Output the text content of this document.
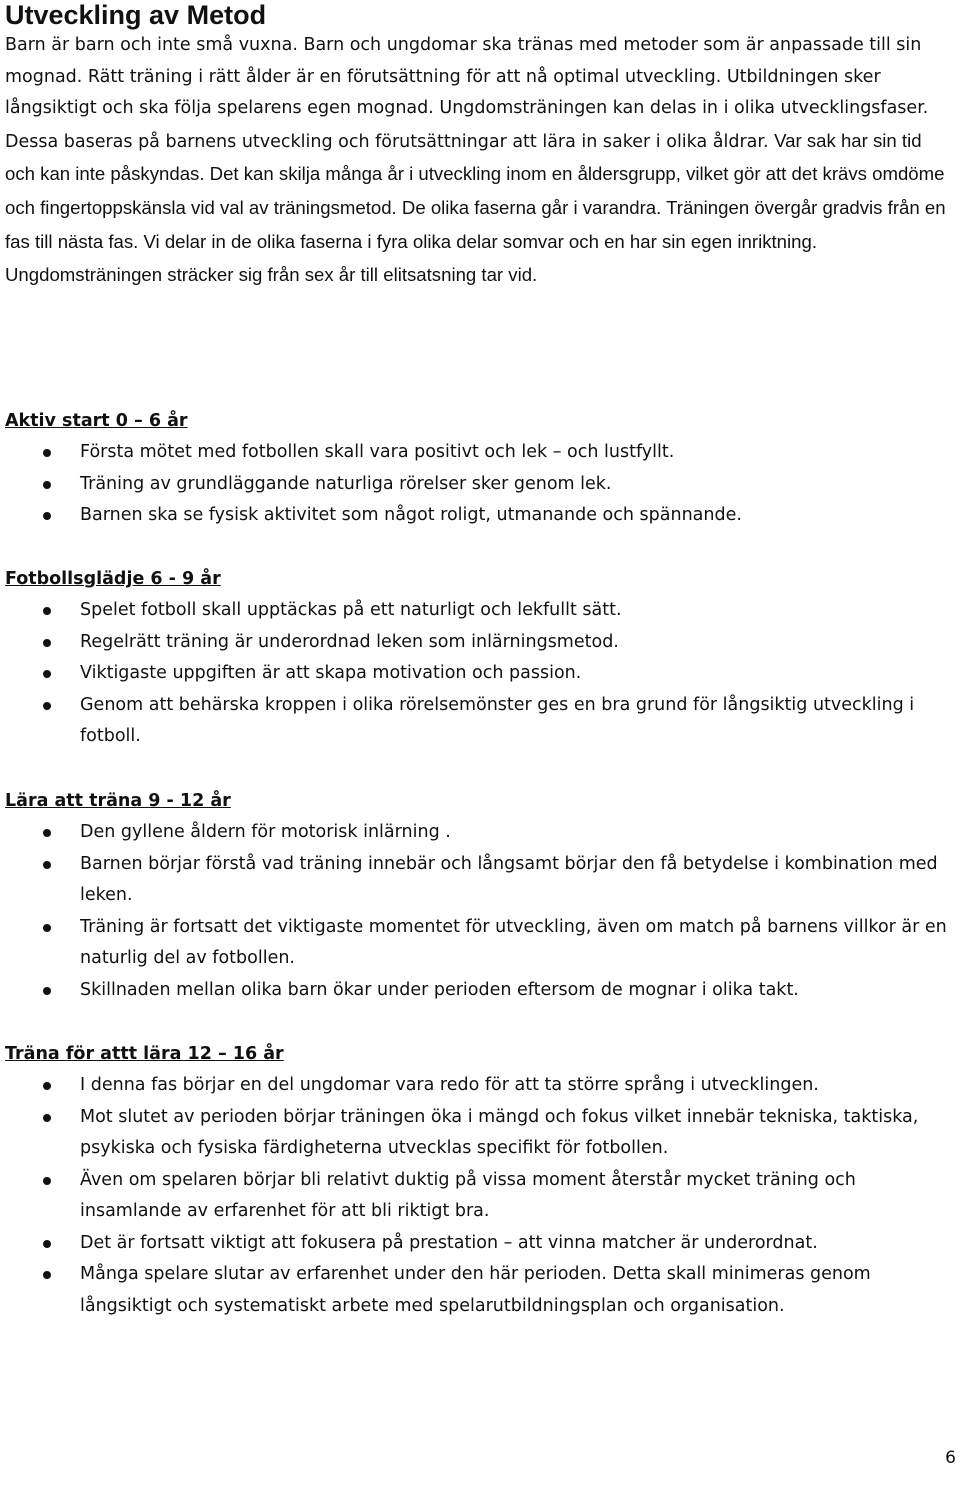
Utveckling av Metod

Barn är barn och inte små vuxna. Barn och ungdomar ska tränas med metoder som är anpassade till sin mognad. Rätt träning i rätt ålder är en förutsättning för att nå optimal utveckling. Utbildningen sker långsiktigt och ska följa spelarens egen mognad. Ungdomsträningen kan delas in i olika utvecklingsfaser. Dessa baseras på barnens utveckling och förutsättningar att lära in saker i olika åldrar. Var sak har sin tid och kan inte påskyndas. Det kan skilja många år i utveckling inom en åldersgrupp, vilket gör att det krävs omdöme och fingertoppskänsla vid val av träningsmetod. De olika faserna går i varandra. Träningen övergår gradvis från en fas till nästa fas. Vi delar in de olika faserna i fyra olika delar somvar och en har sin egen inriktning. Ungdomsträningen sträcker sig från sex år till elitsatsning tar vid.

Aktiv start 0 – 6 år

Första mötet med fotbollen skall vara positivt och lek – och lustfyllt.
Träning av grundläggande naturliga rörelser sker genom lek.
Barnen ska se fysisk aktivitet som något roligt, utmanande och spännande.

Fotbollsglädje 6 - 9 år

Spelet fotboll skall upptäckas på ett naturligt och lekfullt sätt.
Regelrätt träning är underordnad leken som inlärningsmetod.
Viktigaste uppgiften är att skapa motivation och passion.
Genom att behärska kroppen i olika rörelsemönster ges en bra grund för långsiktig utveckling i fotboll.

Lära att träna 9 - 12 år

Den gyllene åldern för motorisk inlärning .
Barnen börjar förstå vad träning innebär och långsamt börjar den få betydelse i kombination med leken.
Träning är fortsatt det viktigaste momentet för utveckling, även om match på barnens villkor är en naturlig del av fotbollen.
Skillnaden mellan olika barn ökar under perioden eftersom de mognar i olika takt.

Träna för attt lära 12 – 16 år

I denna fas börjar en del ungdomar vara redo för att ta större språng i utvecklingen.
Mot slutet av perioden börjar träningen öka i mängd och fokus vilket innebär tekniska, taktiska, psykiska och fysiska färdigheterna utvecklas specifikt för fotbollen.
Även om spelaren börjar bli relativt duktig på vissa moment återstår mycket träning och insamlande av erfarenhet för att bli riktigt bra.
Det är fortsatt viktigt att fokusera på prestation – att vinna matcher är underordnat.
Många spelare slutar av erfarenhet under den här perioden. Detta skall minimeras genom långsiktigt och systematiskt arbete med spelarutbildningsplan och organisation.
6
